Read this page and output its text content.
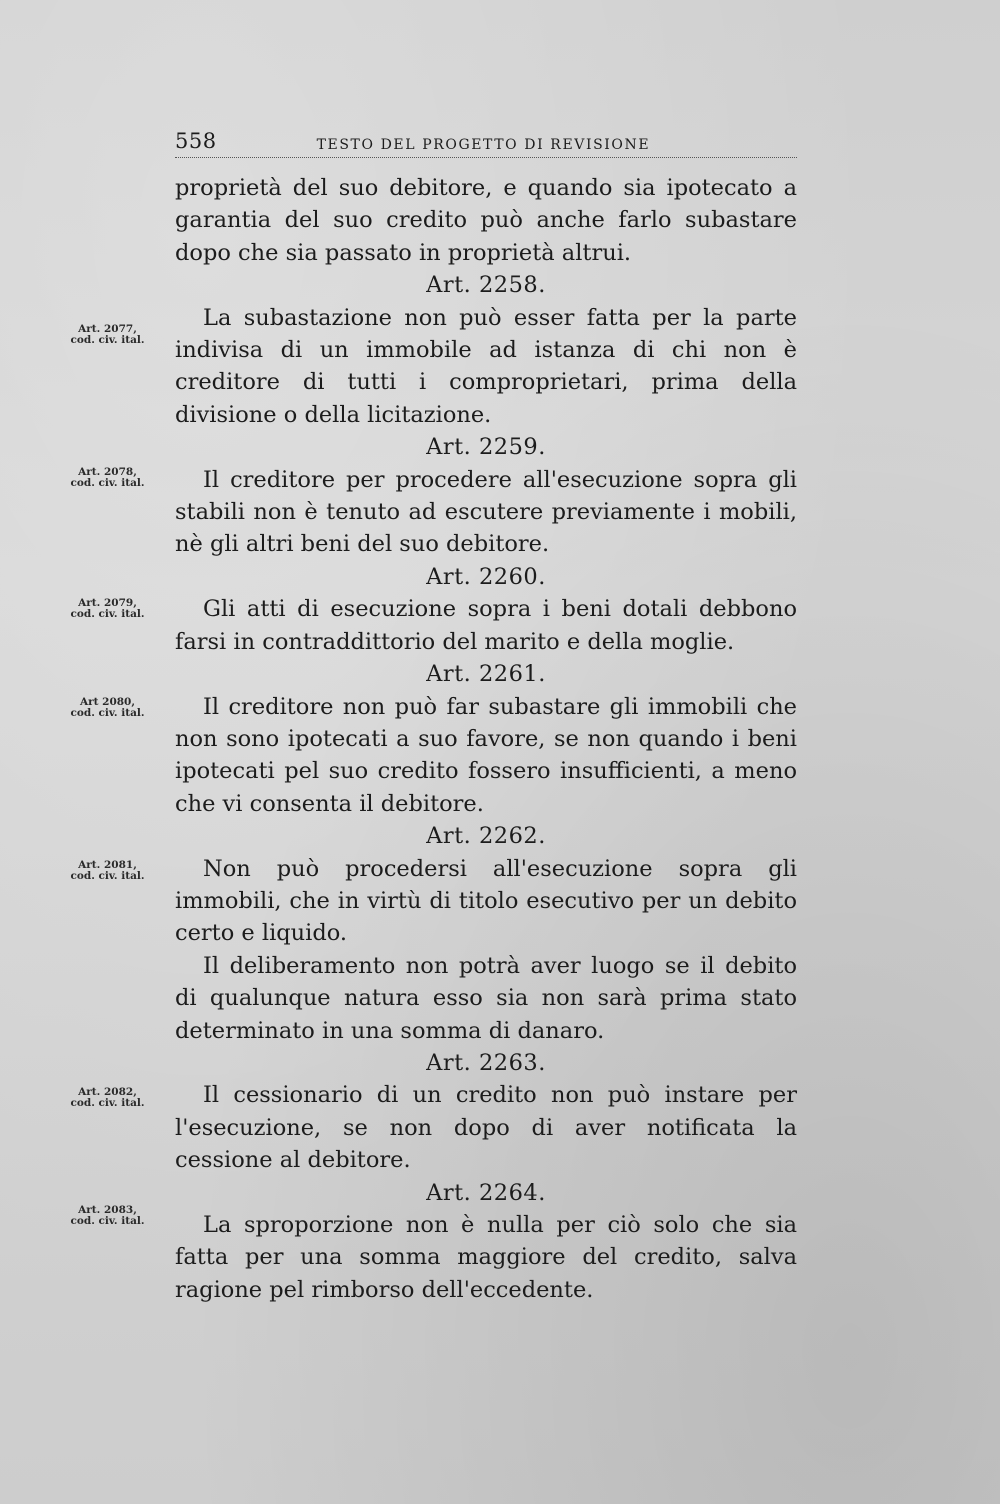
558	TESTO DEL PROGETTO DI REVISIONE
Art. 2077,
cod. civ. ital.
Art. 2078,
cod. civ. ital.
Art. 2079,
cod. civ. ital.
Art 2080,
cod. civ. ital.
Art. 2081,
cod. civ. ital.
Art. 2082,
cod. civ. ital.
Art. 2083,
cod. civ. ital.

proprietà del suo debitore, e quando sia ipotecato a garantia del suo credito può anche farlo subastare dopo che sia passato in proprietà altrui.

Art. 2258.

La subastazione non può esser fatta per la parte indivisa di un immobile ad istanza di chi non è creditore di tutti i comproprietari, prima della divisione o della licitazione.

Art. 2259.

Il creditore per procedere all'esecuzione sopra gli stabili non è tenuto ad escutere previamente i mobili, nè gli altri beni del suo debitore.

Art. 2260.

Gli atti di esecuzione sopra i beni dotali debbono farsi in contraddittorio del marito e della moglie.

Art. 2261.

Il creditore non può far subastare gli immobili che non sono ipotecati a suo favore, se non quando i beni ipotecati pel suo credito fossero insufficienti, a meno che vi consenta il debitore.

Art. 2262.

Non può procedersi all'esecuzione sopra gli immobili, che in virtù di titolo esecutivo per un debito certo e liquido.

Il deliberamento non potrà aver luogo se il debito di qualunque natura esso sia non sarà prima stato determinato in una somma di danaro.

Art. 2263.

Il cessionario di un credito non può instare per l'esecuzione, se non dopo di aver notificata la cessione al debitore.

Art. 2264.

La sproporzione non è nulla per ciò solo che sia fatta per una somma maggiore del credito, salva ragione pel rimborso dell'eccedente.
